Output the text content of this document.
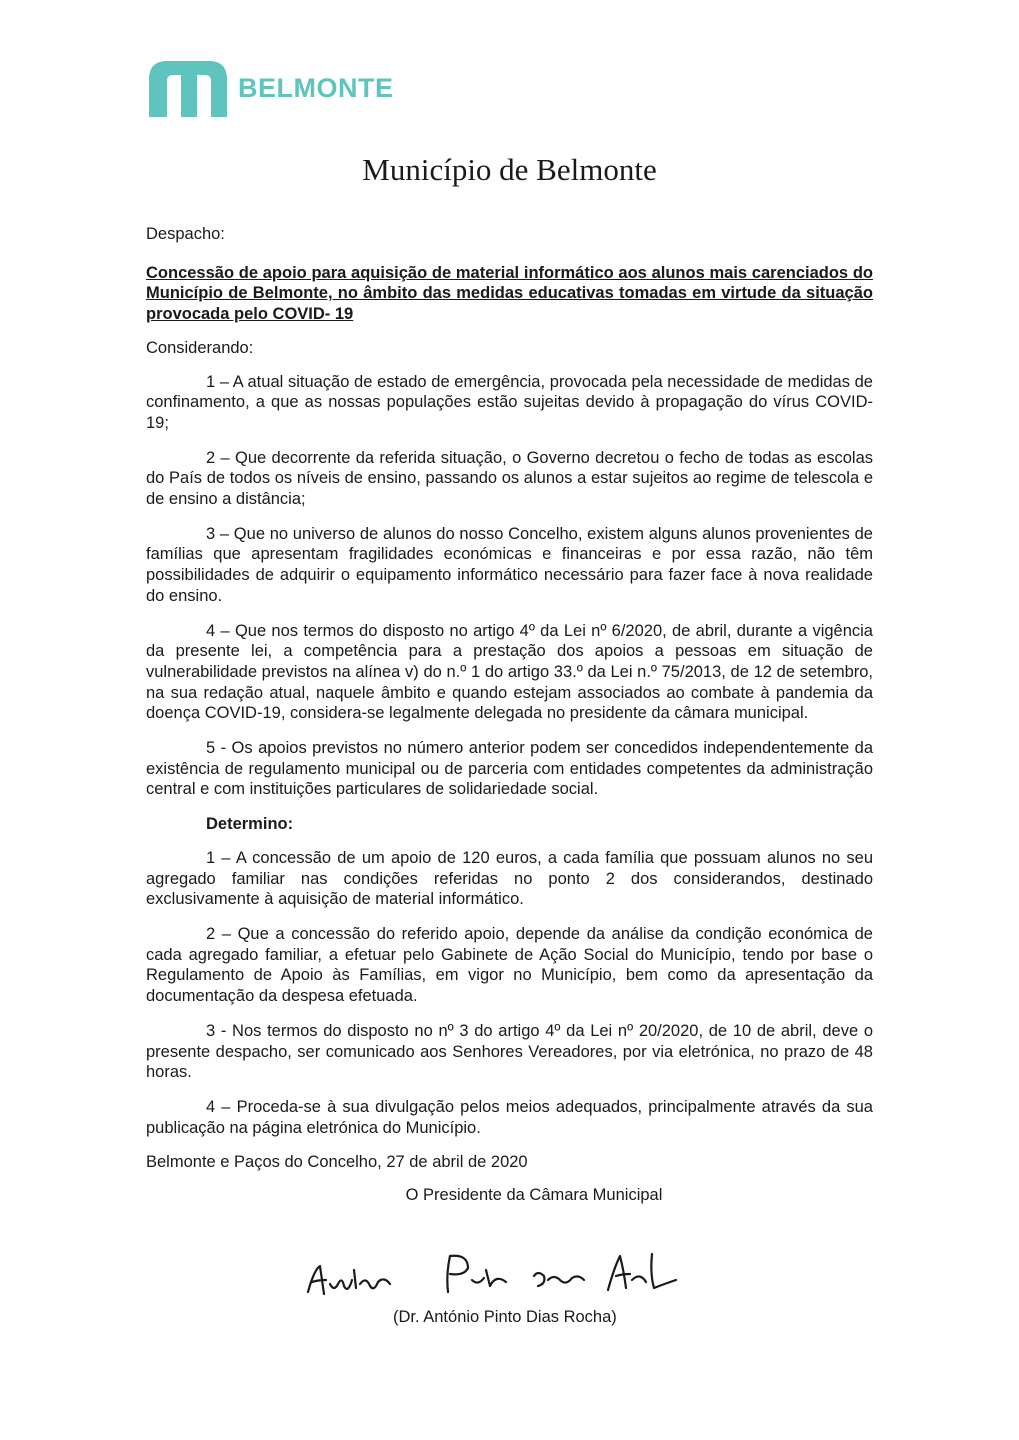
BELMONTE
Município de Belmonte

Despacho:

Concessão de apoio para aquisição de material informático aos alunos mais carenciados do Município de Belmonte, no âmbito das medidas educativas tomadas em virtude da situação provocada pelo COVID- 19

Considerando:

1 – A atual situação de estado de emergência, provocada pela necessidade de medidas de confinamento, a que as nossas populações estão sujeitas devido à propagação do vírus COVID-19;

2 – Que decorrente da referida situação, o Governo decretou o fecho de todas as escolas do País de todos os níveis de ensino, passando os alunos a estar sujeitos ao regime de telescola e de ensino a distância;

3 – Que no universo de alunos do nosso Concelho, existem alguns alunos provenientes de famílias que apresentam fragilidades económicas e financeiras e por essa razão, não têm possibilidades de adquirir o equipamento informático necessário para fazer face à nova realidade do ensino.

4 – Que nos termos do disposto no artigo 4º da Lei nº 6/2020, de abril, durante a vigência da presente lei, a competência para a prestação dos apoios a pessoas em situação de vulnerabilidade previstos na alínea v) do n.º 1 do artigo 33.º da Lei n.º 75/2013, de 12 de setembro, na sua redação atual, naquele âmbito e quando estejam associados ao combate à pandemia da doença COVID-19, considera-se legalmente delegada no presidente da câmara municipal.

5 - Os apoios previstos no número anterior podem ser concedidos independentemente da existência de regulamento municipal ou de parceria com entidades competentes da administração central e com instituições particulares de solidariedade social.

Determino:

1 – A concessão de um apoio de 120 euros, a cada família que possuam alunos no seu agregado familiar nas condições referidas no ponto 2 dos considerandos, destinado exclusivamente à aquisição de material informático.

2 – Que a concessão do referido apoio, depende da análise da condição económica de cada agregado familiar, a efetuar pelo Gabinete de Ação Social do Município, tendo por base o Regulamento de Apoio às Famílias, em vigor no Município, bem como da apresentação da documentação da despesa efetuada.

3 - Nos termos do disposto no nº 3 do artigo 4º da Lei nº 20/2020, de 10 de abril, deve o presente despacho, ser comunicado aos Senhores Vereadores, por via eletrónica, no prazo de 48 horas.

4 – Proceda-se à sua divulgação pelos meios adequados, principalmente através da sua publicação na página eletrónica do Município.

Belmonte e Paços do Concelho, 27 de abril de 2020

O Presidente da Câmara Municipal

(Dr. António Pinto Dias Rocha)
